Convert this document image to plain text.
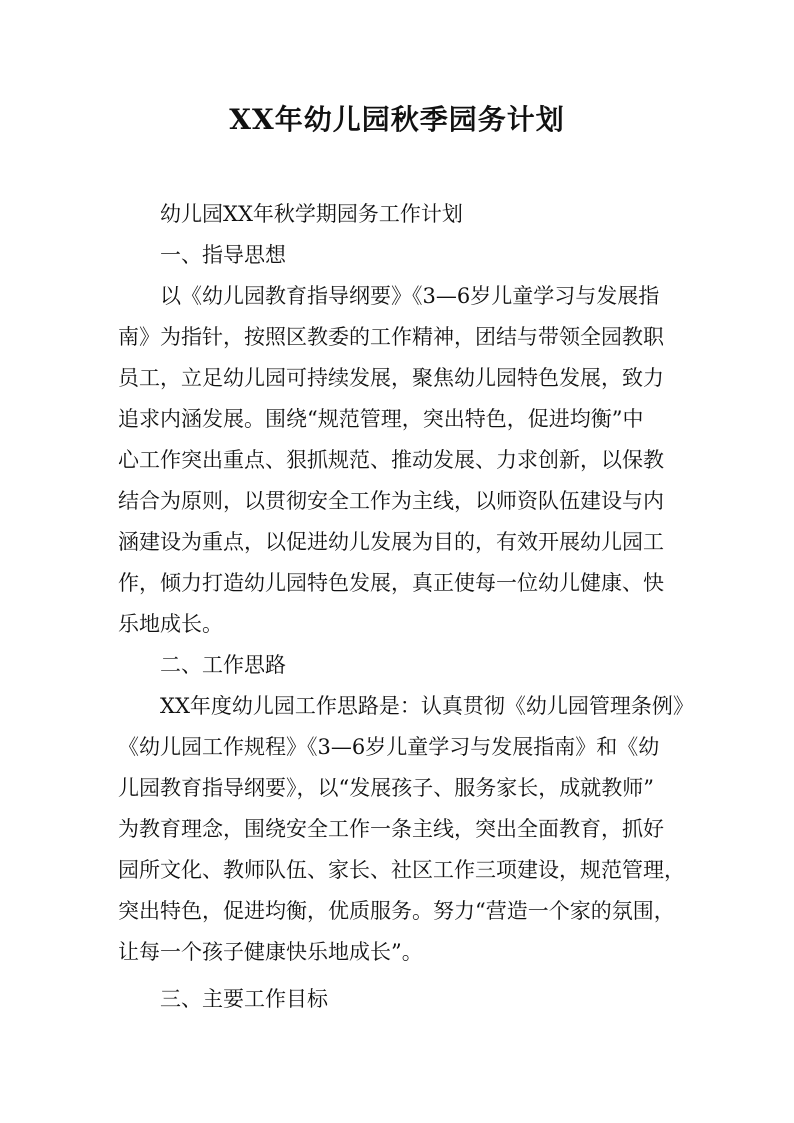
XX年幼儿园秋季园务计划
幼儿园XX年秋学期园务工作计划
一、指导思想
以《幼儿园教育指导纲要》《3—6岁儿童学习与发展指
南》为指针，按照区教委的工作精神，团结与带领全园教职
员工，立足幼儿园可持续发展，聚焦幼儿园特色发展，致力
追求内涵发展。围绕“规范管理，突出特色，促进均衡”中
心工作突出重点、狠抓规范、推动发展、力求创新，以保教
结合为原则，以贯彻安全工作为主线，以师资队伍建设与内
涵建设为重点，以促进幼儿发展为目的，有效开展幼儿园工
作，倾力打造幼儿园特色发展，真正使每一位幼儿健康、快
乐地成长。
二、工作思路
XX年度幼儿园工作思路是：认真贯彻《幼儿园管理条例》
《幼儿园工作规程》《3—6岁儿童学习与发展指南》和《幼
儿园教育指导纲要》，以“发展孩子、服务家长，成就教师”
为教育理念，围绕安全工作一条主线，突出全面教育，抓好
园所文化、教师队伍、家长、社区工作三项建设，规范管理，
突出特色，促进均衡，优质服务。努力“营造一个家的氛围，
让每一个孩子健康快乐地成长”。
三、主要工作目标
